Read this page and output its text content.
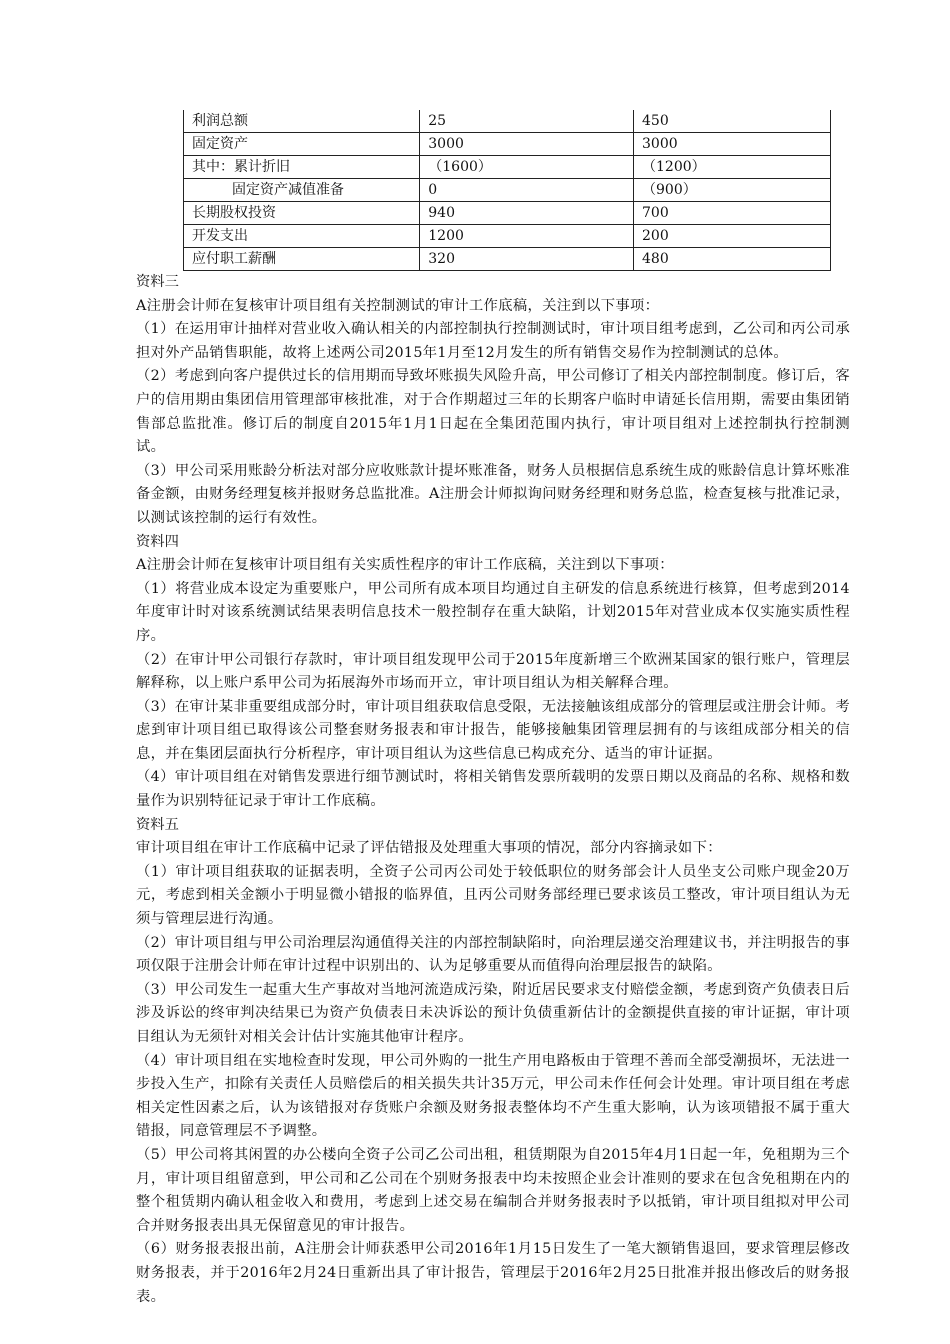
利润总额	25	450
固定资产	3000	3000
其中：累计折旧	（1600）	（1200）
固定资产减值准备	0	（900）
长期股权投资	940	700
开发支出	1200	200
应付职工薪酬	320	480

资料三

A注册会计师在复核审计项目组有关控制测试的审计工作底稿，关注到以下事项：

（1）在运用审计抽样对营业收入确认相关的内部控制执行控制测试时，审计项目组考虑到，乙公司和丙公司承担对外产品销售职能，故将上述两公司2015年1月至12月发生的所有销售交易作为控制测试的总体。

（2）考虑到向客户提供过长的信用期而导致坏账损失风险升高，甲公司修订了相关内部控制制度。修订后，客户的信用期由集团信用管理部审核批准，对于合作期超过三年的长期客户临时申请延长信用期，需要由集团销售部总监批准。修订后的制度自2015年1月1日起在全集团范围内执行，审计项目组对上述控制执行控制测试。

（3）甲公司采用账龄分析法对部分应收账款计提坏账准备，财务人员根据信息系统生成的账龄信息计算坏账准备金额，由财务经理复核并报财务总监批准。A注册会计师拟询问财务经理和财务总监，检查复核与批准记录，以测试该控制的运行有效性。

资料四

A注册会计师在复核审计项目组有关实质性程序的审计工作底稿，关注到以下事项：

（1）将营业成本设定为重要账户，甲公司所有成本项目均通过自主研发的信息系统进行核算，但考虑到2014年度审计时对该系统测试结果表明信息技术一般控制存在重大缺陷，计划2015年对营业成本仅实施实质性程序。

（2）在审计甲公司银行存款时，审计项目组发现甲公司于2015年度新增三个欧洲某国家的银行账户，管理层解释称，以上账户系甲公司为拓展海外市场而开立，审计项目组认为相关解释合理。

（3）在审计某非重要组成部分时，审计项目组获取信息受限，无法接触该组成部分的管理层或注册会计师。考虑到审计项目组已取得该公司整套财务报表和审计报告，能够接触集团管理层拥有的与该组成部分相关的信息，并在集团层面执行分析程序，审计项目组认为这些信息已构成充分、适当的审计证据。

（4）审计项目组在对销售发票进行细节测试时，将相关销售发票所载明的发票日期以及商品的名称、规格和数量作为识别特征记录于审计工作底稿。

资料五

审计项目组在审计工作底稿中记录了评估错报及处理重大事项的情况，部分内容摘录如下：

（1）审计项目组获取的证据表明，全资子公司丙公司处于较低职位的财务部会计人员坐支公司账户现金20万元，考虑到相关金额小于明显微小错报的临界值，且丙公司财务部经理已要求该员工整改，审计项目组认为无须与管理层进行沟通。

（2）审计项目组与甲公司治理层沟通值得关注的内部控制缺陷时，向治理层递交治理建议书，并注明报告的事项仅限于注册会计师在审计过程中识别出的、认为足够重要从而值得向治理层报告的缺陷。

（3）甲公司发生一起重大生产事故对当地河流造成污染，附近居民要求支付赔偿金额，考虑到资产负债表日后涉及诉讼的终审判决结果已为资产负债表日未决诉讼的预计负债重新估计的金额提供直接的审计证据，审计项目组认为无须针对相关会计估计实施其他审计程序。

（4）审计项目组在实地检查时发现，甲公司外购的一批生产用电路板由于管理不善而全部受潮损坏，无法进一步投入生产，扣除有关责任人员赔偿后的相关损失共计35万元，甲公司未作任何会计处理。审计项目组在考虑相关定性因素之后，认为该错报对存货账户余额及财务报表整体均不产生重大影响，认为该项错报不属于重大错报，同意管理层不予调整。

（5）甲公司将其闲置的办公楼向全资子公司乙公司出租，租赁期限为自2015年4月1日起一年，免租期为三个月，审计项目组留意到，甲公司和乙公司在个别财务报表中均未按照企业会计准则的要求在包含免租期在内的整个租赁期内确认租金收入和费用，考虑到上述交易在编制合并财务报表时予以抵销，审计项目组拟对甲公司合并财务报表出具无保留意见的审计报告。

（6）财务报表报出前，A注册会计师获悉甲公司2016年1月15日发生了一笔大额销售退回，要求管理层修改财务报表，并于2016年2月24日重新出具了审计报告，管理层于2016年2月25日批准并报出修改后的财务报表。
